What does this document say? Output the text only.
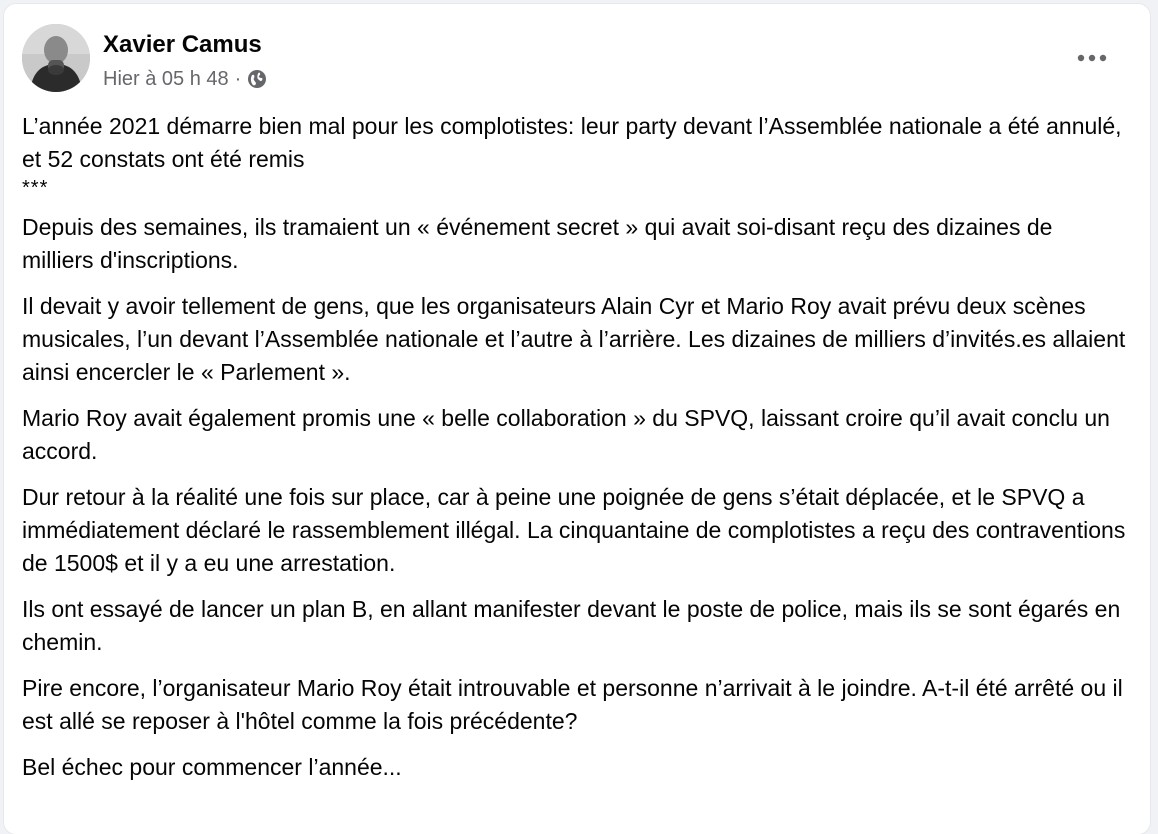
Xavier Camus
Hier à 05 h 48 ·

L’année 2021 démarre bien mal pour les complotistes: leur party devant l’Assemblée nationale a été annulé, et 52 constats ont été remis

***

Depuis des semaines, ils tramaient un « événement secret » qui avait soi-disant reçu des dizaines de milliers d'inscriptions.

Il devait y avoir tellement de gens, que les organisateurs Alain Cyr et Mario Roy avait prévu deux scènes musicales, l’un devant l’Assemblée nationale et l’autre à l’arrière. Les dizaines de milliers d’invités.es allaient ainsi encercler le « Parlement ».

Mario Roy avait également promis une « belle collaboration » du SPVQ, laissant croire qu’il avait conclu un accord.

Dur retour à la réalité une fois sur place, car à peine une poignée de gens s’était déplacée, et le SPVQ a immédiatement déclaré le rassemblement illégal. La cinquantaine de complotistes a reçu des contraventions de 1500$ et il y a eu une arrestation.

Ils ont essayé de lancer un plan B, en allant manifester devant le poste de police, mais ils se sont égarés en chemin.

Pire encore, l’organisateur Mario Roy était introuvable et personne n’arrivait à le joindre. A-t-il été arrêté ou il est allé se reposer à l'hôtel comme la fois précédente?

Bel échec pour commencer l’année...
